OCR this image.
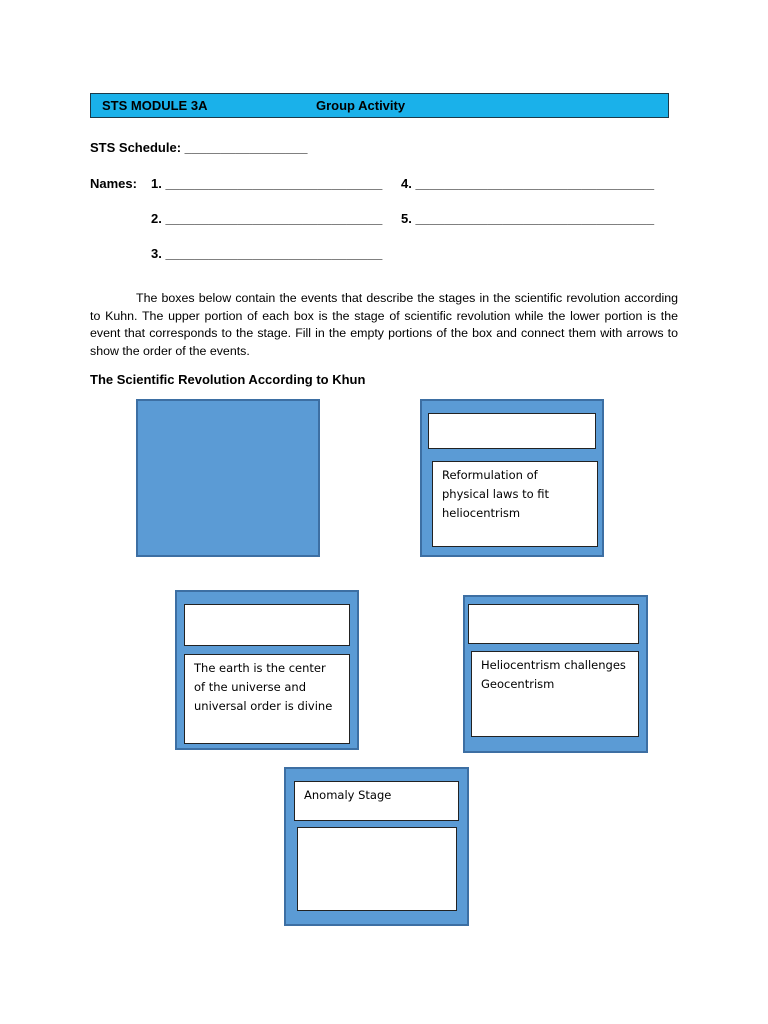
STS MODULE 3A	Group Activity
STS Schedule: _________________
Names: 1. ______________________________
2. ______________________________
3. ______________________________
4. _________________________________
5. _________________________________

The boxes below contain the events that describe the stages in the scientific revolution according to Kuhn. The upper portion of each box is the stage of scientific revolution while the lower portion is the event that corresponds to the stage. Fill in the empty portions of the box and connect them with arrows to show the order of the events.

The Scientific Revolution According to Khun
Reformulation of physical laws to fit heliocentrism
The earth is the center of the universe and universal order is divine
Heliocentrism challenges Geocentrism
Anomaly Stage
